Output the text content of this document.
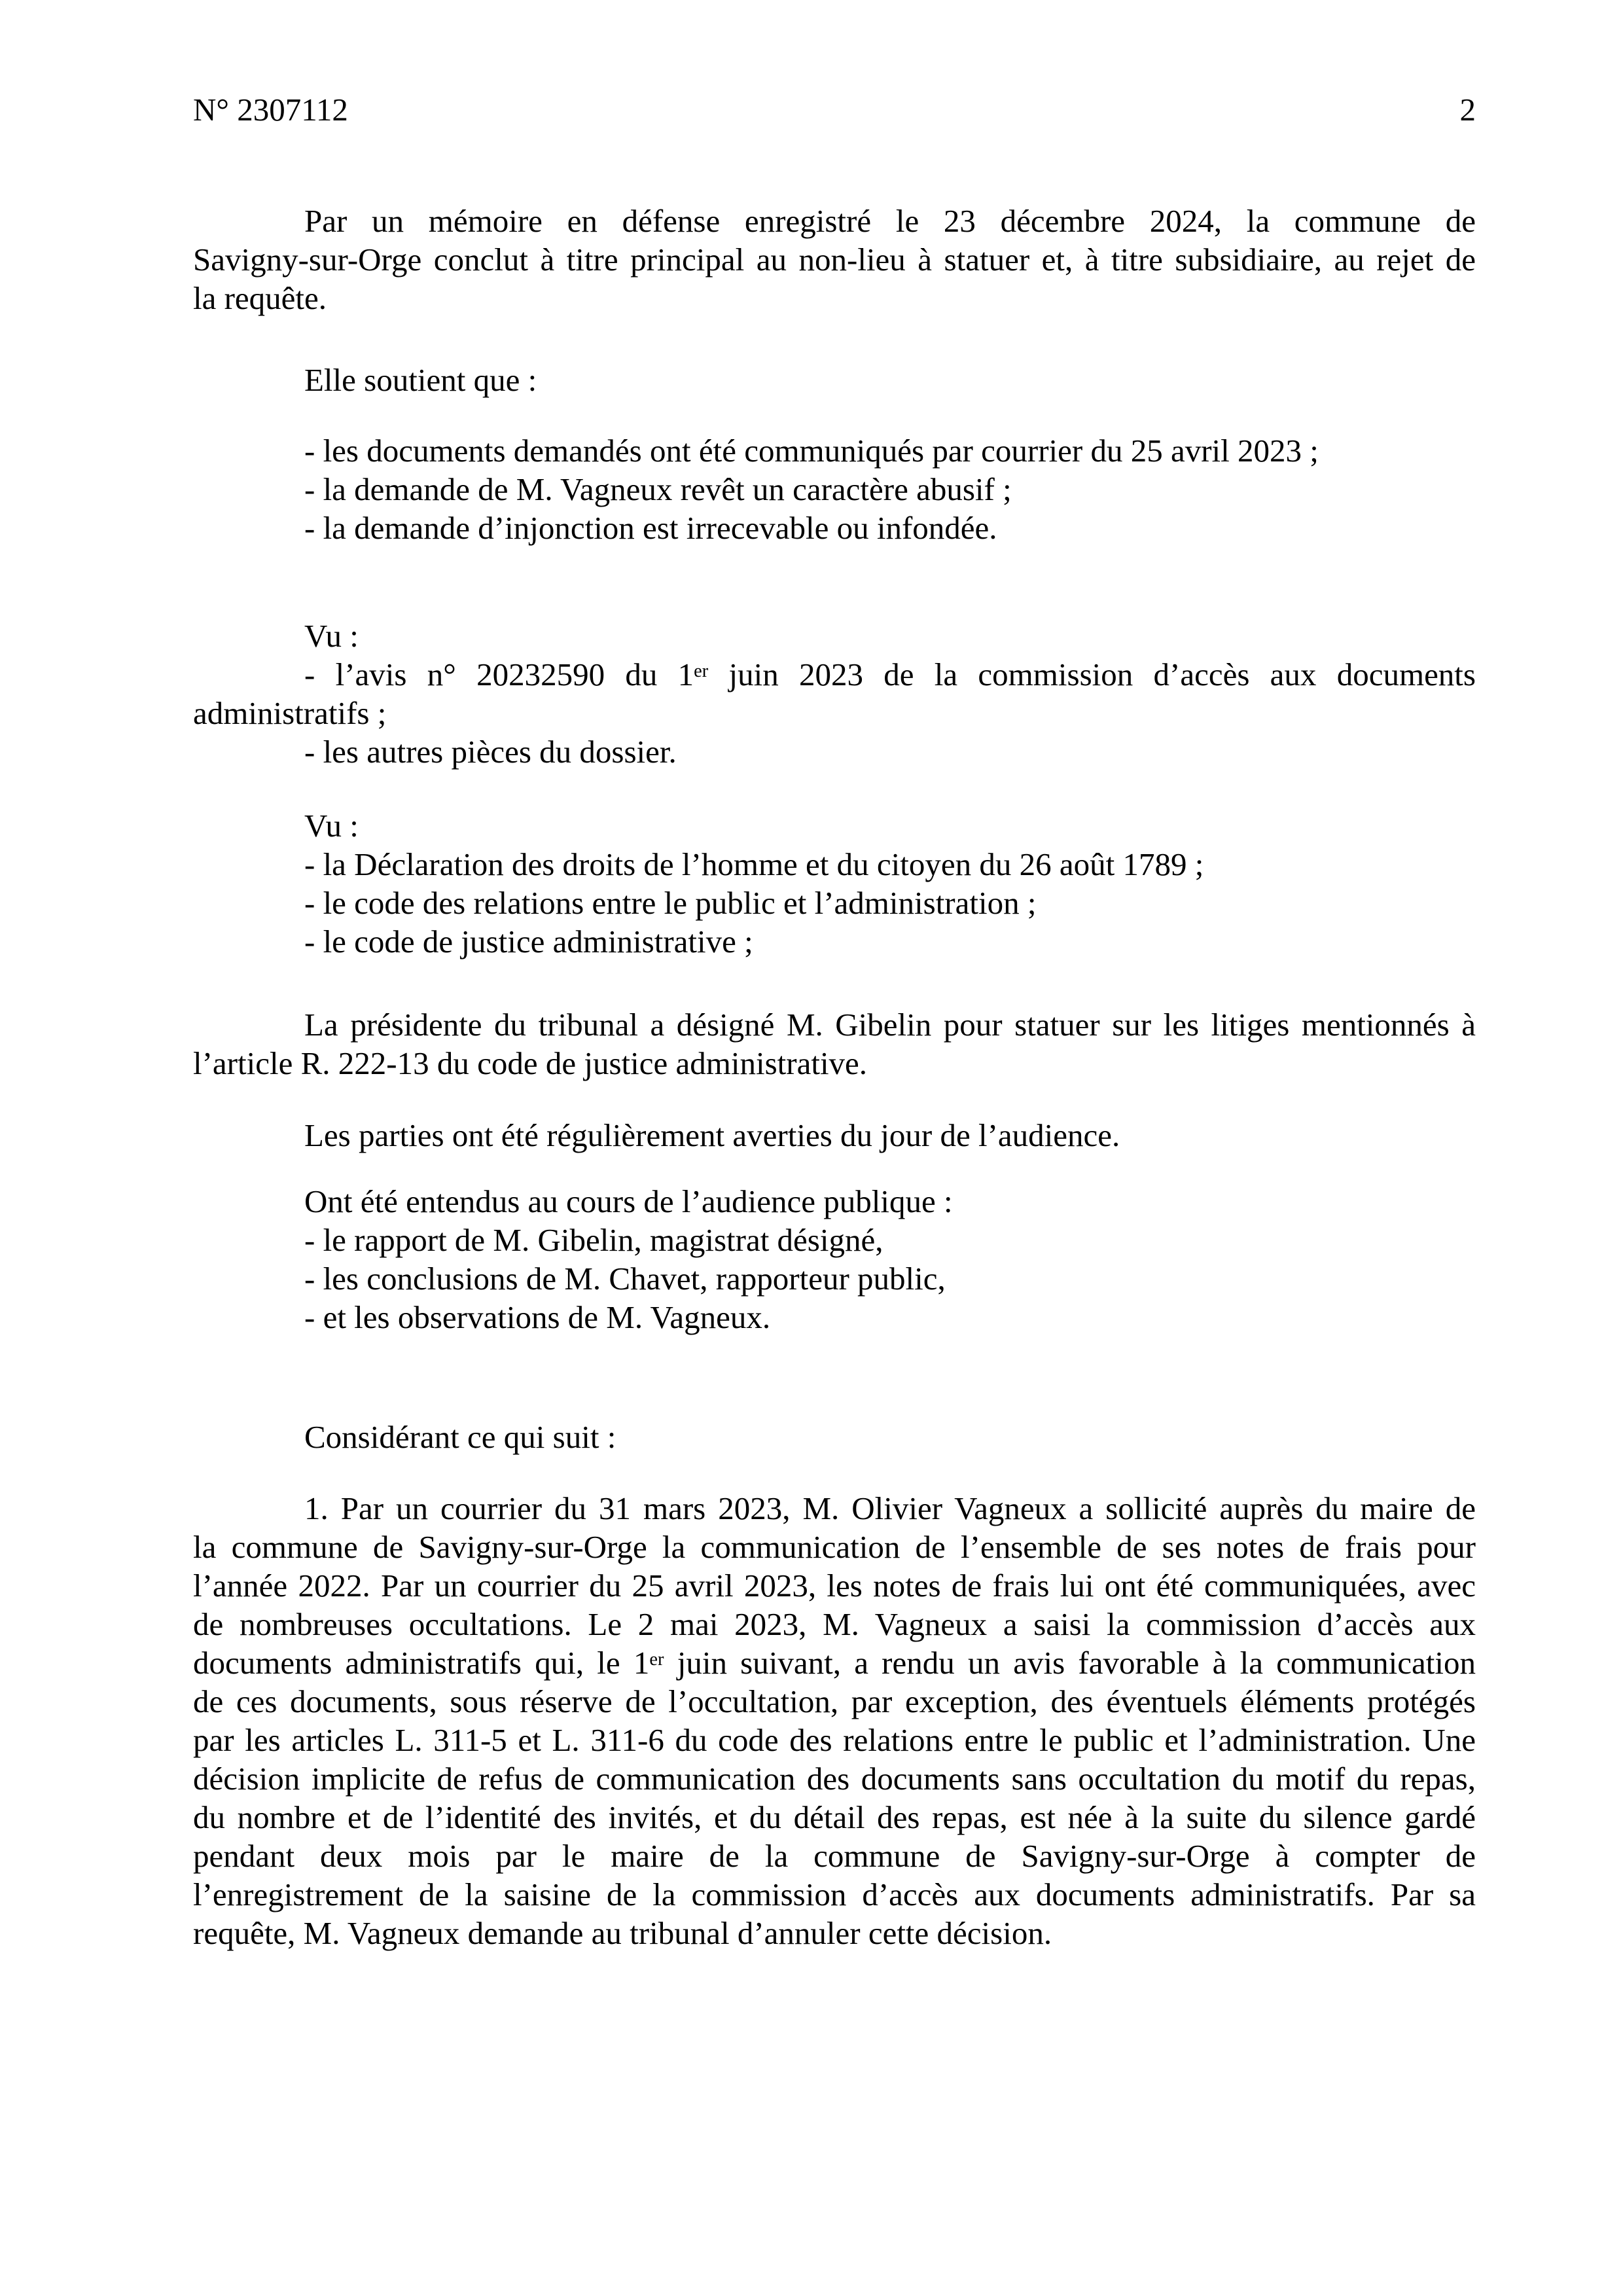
N° 2307112	2
Par un mémoire en défense enregistré le 23 décembre 2024, la commune de
Savigny-sur-Orge conclut à titre principal au non-lieu à statuer et, à titre subsidiaire, au rejet de
la requête.
Elle soutient que :
- les documents demandés ont été communiqués par courrier du 25 avril 2023 ;
- la demande de M. Vagneux revêt un caractère abusif ;
- la demande d’injonction est irrecevable ou infondée.
Vu :
- l’avis n° 20232590 du 1er juin 2023 de la commission d’accès aux documents
administratifs ;
- les autres pièces du dossier.
Vu :
- la Déclaration des droits de l’homme et du citoyen du 26 août 1789 ;
- le code des relations entre le public et l’administration ;
- le code de justice administrative ;
La présidente du tribunal a désigné M. Gibelin pour statuer sur les litiges mentionnés à
l’article R. 222-13 du code de justice administrative.
Les parties ont été régulièrement averties du jour de l’audience.
Ont été entendus au cours de l’audience publique :
- le rapport de M. Gibelin, magistrat désigné,
- les conclusions de M. Chavet, rapporteur public,
- et les observations de M. Vagneux.
Considérant ce qui suit :
1. Par un courrier du 31 mars 2023, M. Olivier Vagneux a sollicité auprès du maire de
la commune de Savigny-sur-Orge la communication de l’ensemble de ses notes de frais pour
l’année 2022. Par un courrier du 25 avril 2023, les notes de frais lui ont été communiquées, avec
de nombreuses occultations. Le 2 mai 2023, M. Vagneux a saisi la commission d’accès aux
documents administratifs qui, le 1er juin suivant, a rendu un avis favorable à la communication
de ces documents, sous réserve de l’occultation, par exception, des éventuels éléments protégés
par les articles L. 311-5 et L. 311-6 du code des relations entre le public et l’administration. Une
décision implicite de refus de communication des documents sans occultation du motif du repas,
du nombre et de l’identité des invités, et du détail des repas, est née à la suite du silence gardé
pendant deux mois par le maire de la commune de Savigny-sur-Orge à compter de
l’enregistrement de la saisine de la commission d’accès aux documents administratifs. Par sa
requête, M. Vagneux demande au tribunal d’annuler cette décision.
